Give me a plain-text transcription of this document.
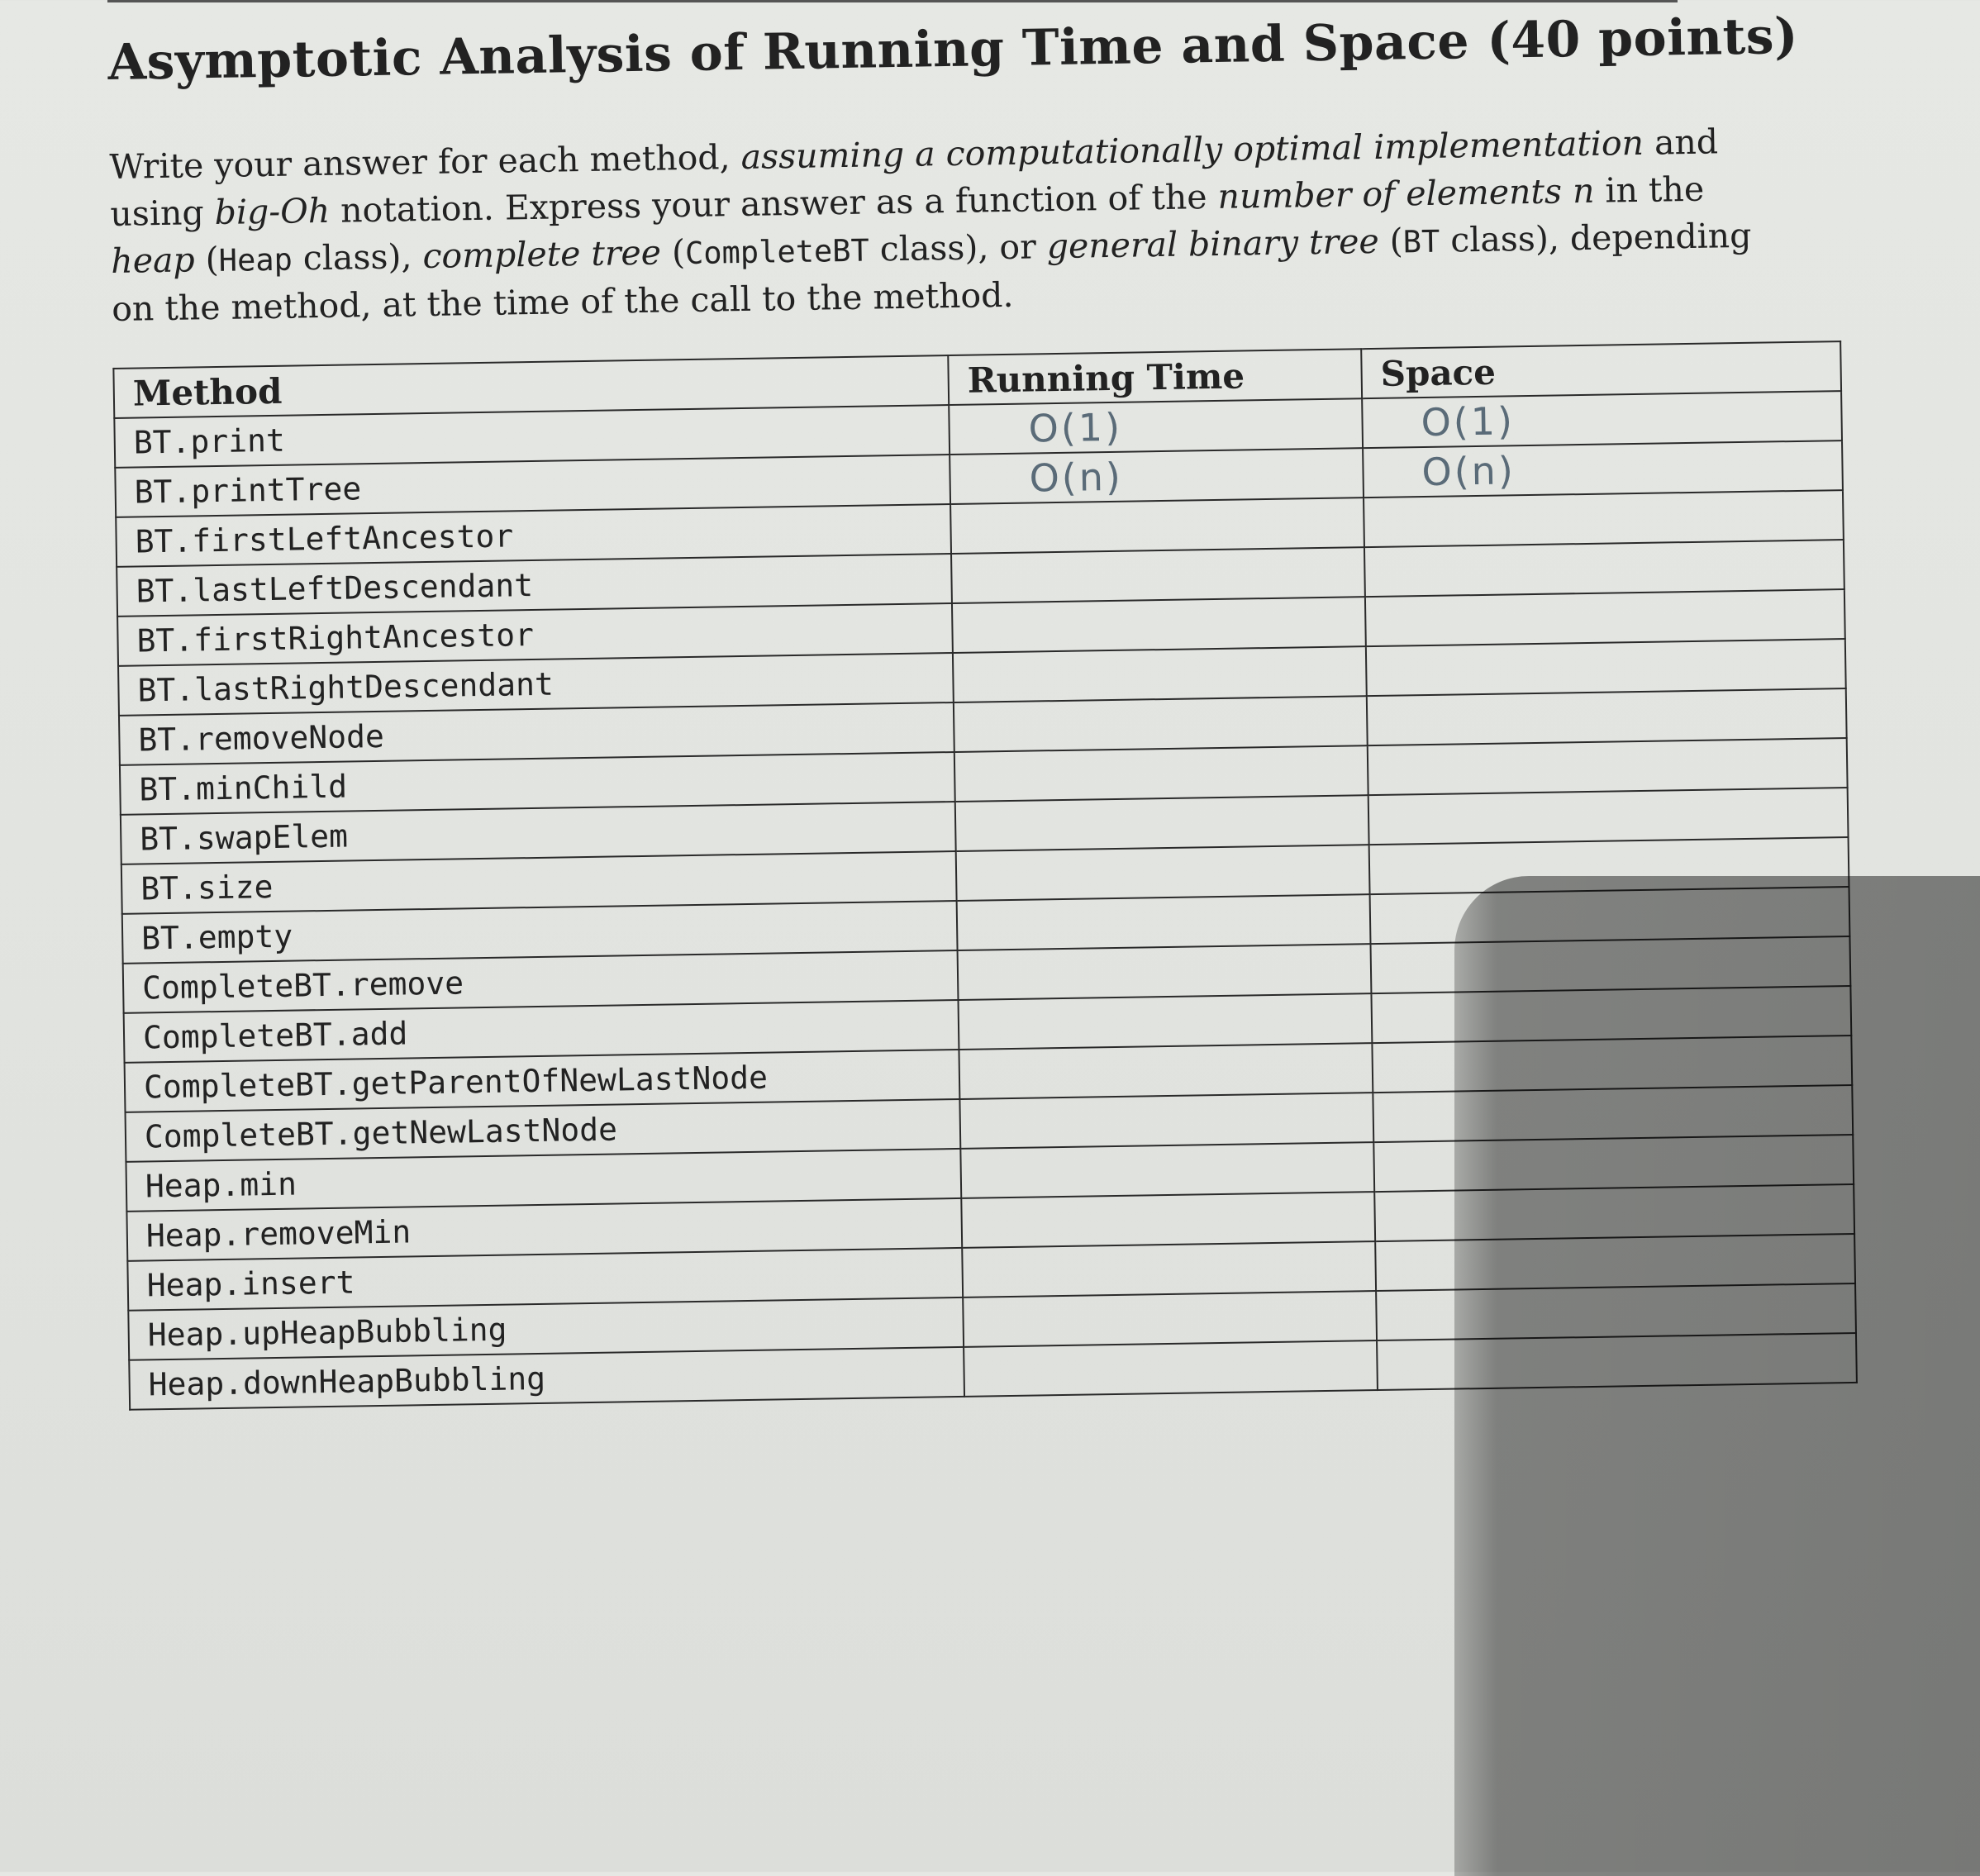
Asymptotic Analysis of Running Time and Space (40 points)

Write your answer for each method, assuming a computationally optimal implementation and using big-Oh notation. Express your answer as a function of the number of elements n in the heap (Heap class), complete tree (CompleteBT class), or general binary tree (BT class), depending on the method, at the time of the call to the method.

Method	Running Time	Space
BT.print	O(1)	O(1)
BT.printTree	O(n)	O(n)
BT.firstLeftAncestor		
BT.lastLeftDescendant		
BT.firstRightAncestor		
BT.lastRightDescendant		
BT.removeNode		
BT.minChild		
BT.swapElem		
BT.size		
BT.empty		
CompleteBT.remove		
CompleteBT.add		
CompleteBT.getParentOfNewLastNode		
CompleteBT.getNewLastNode		
Heap.min		
Heap.removeMin		
Heap.insert		
Heap.upHeapBubbling		
Heap.downHeapBubbling		
